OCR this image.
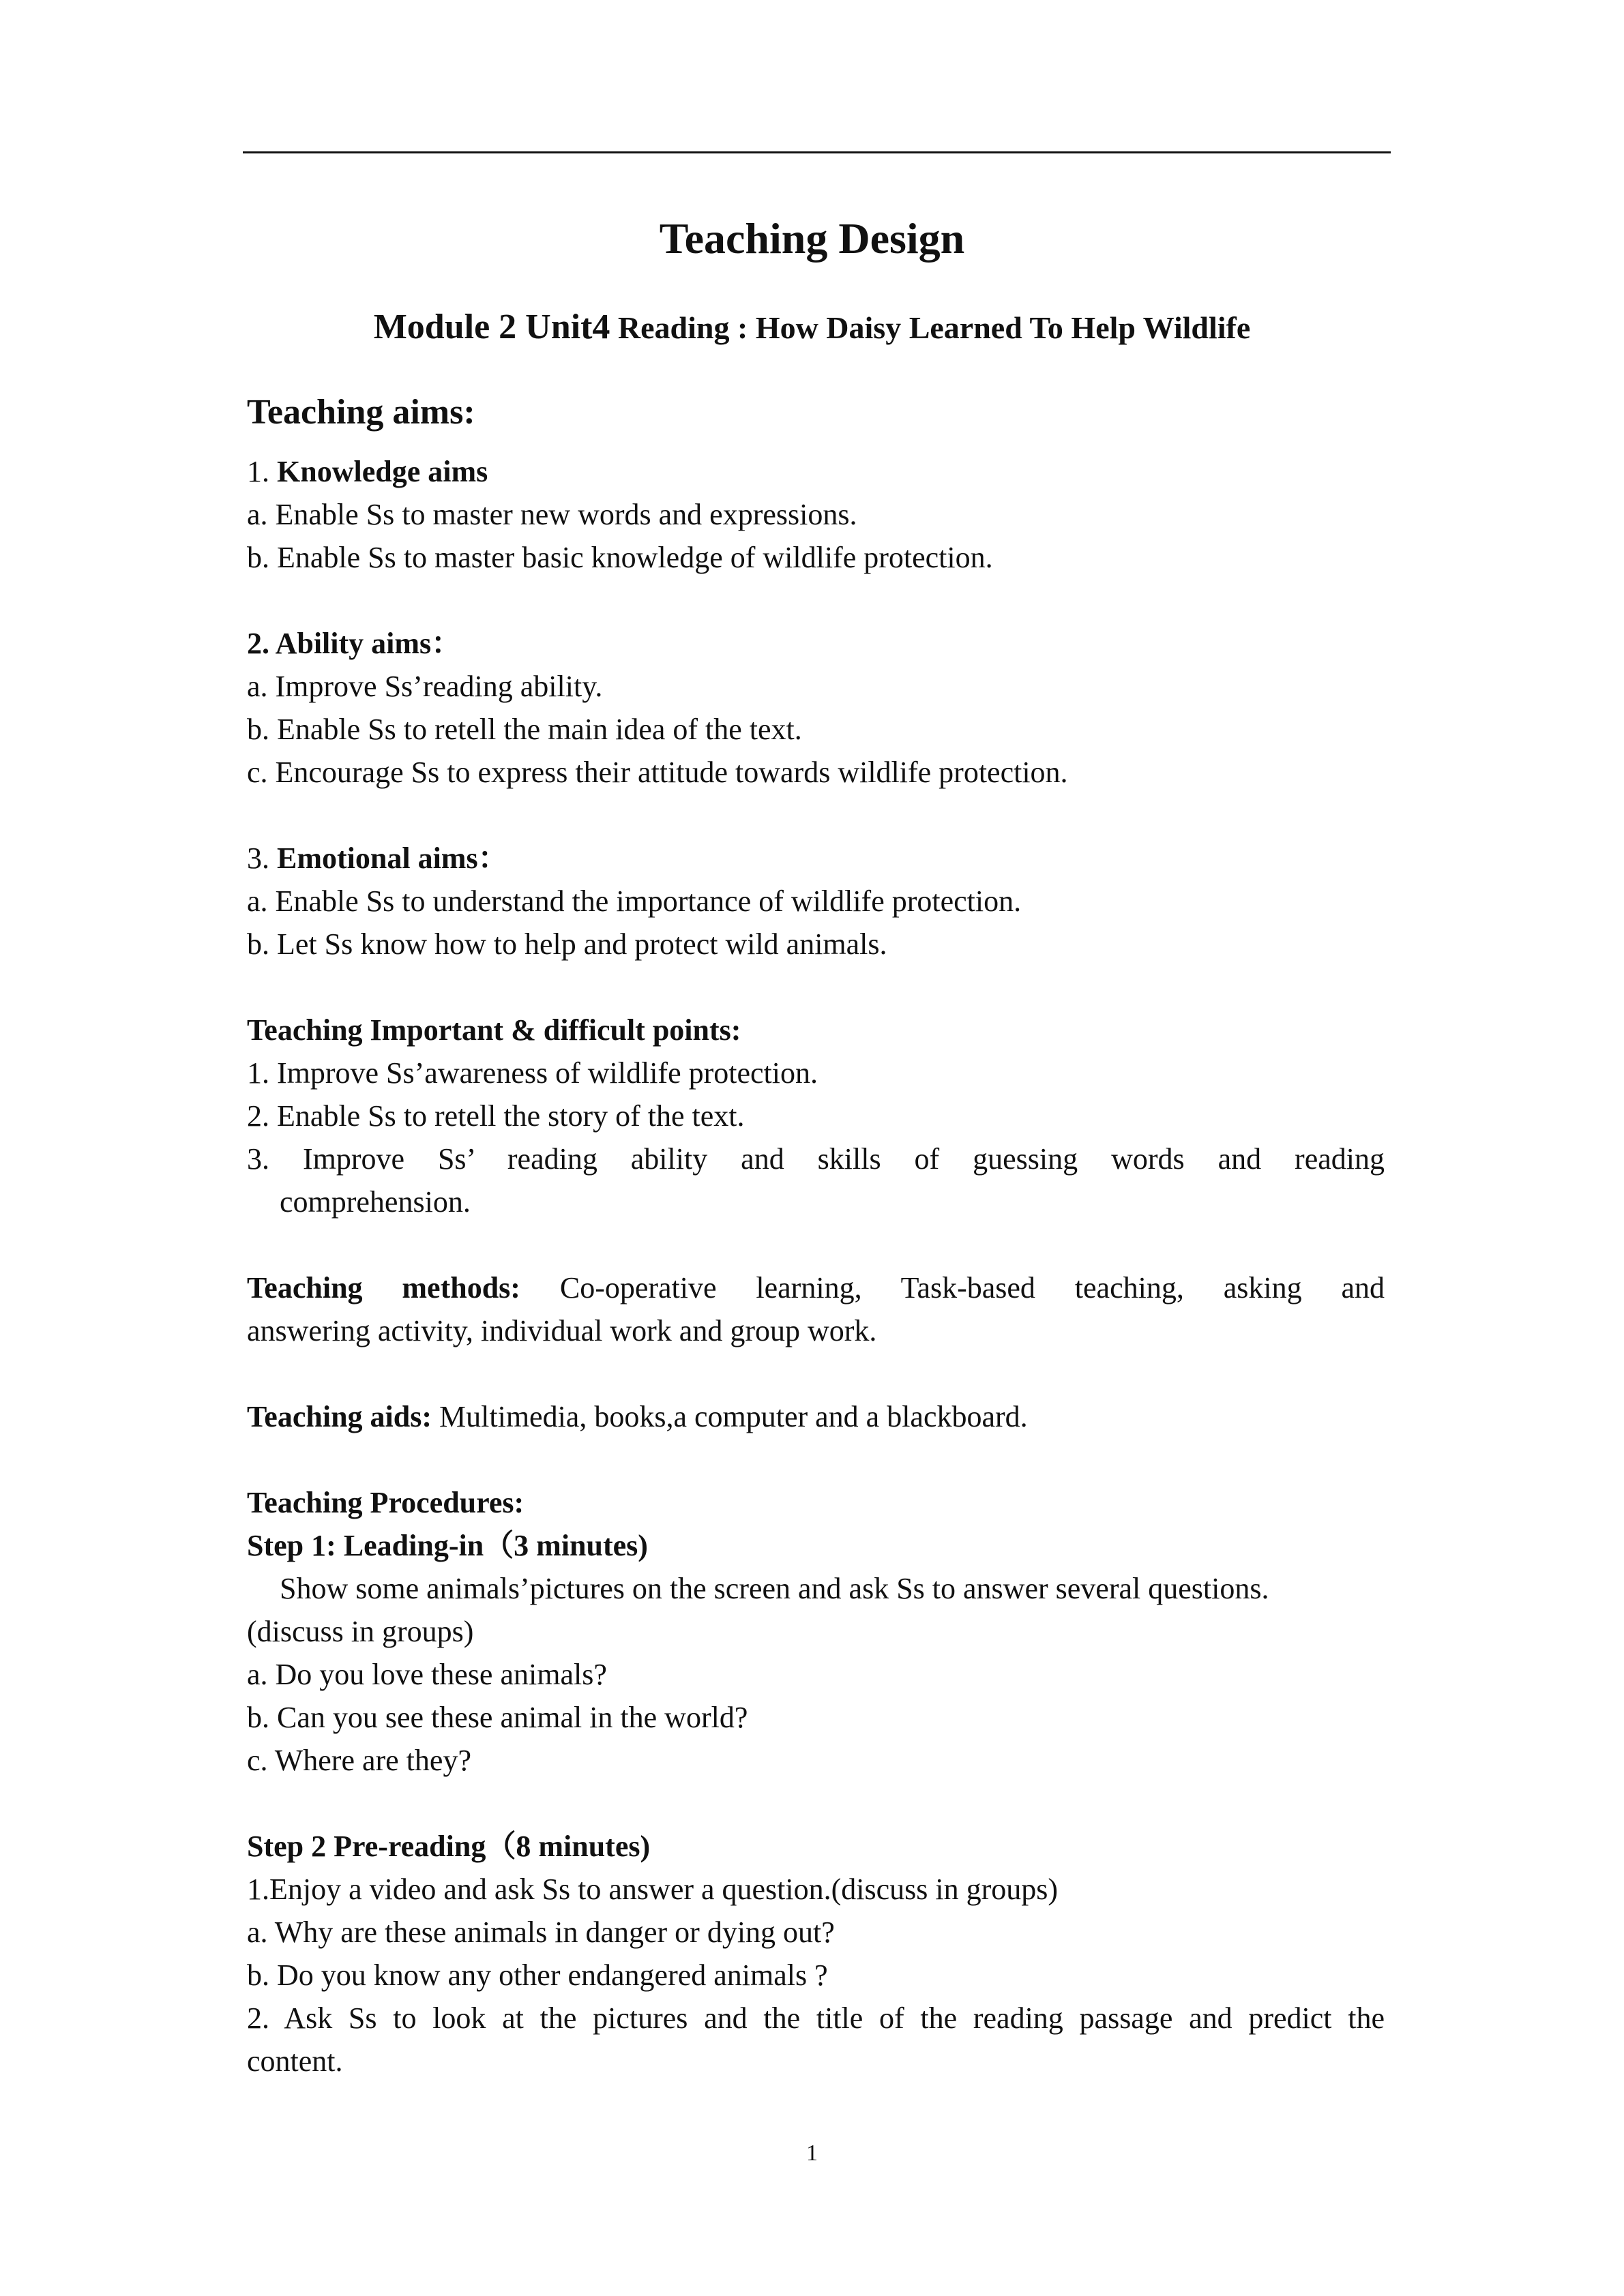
Teaching Design
Module 2 Unit4 Reading : How Daisy Learned To Help Wildlife
Teaching aims:
1. Knowledge aims
a. Enable Ss to master new words and expressions.
b. Enable Ss to master basic knowledge of wildlife protection.
2. Ability aims：
a. Improve Ss’reading ability.
b. Enable Ss to retell the main idea of the text.
c. Encourage Ss to express their attitude towards wildlife protection.
3. Emotional aims：
a. Enable Ss to understand the importance of wildlife protection.
b. Let Ss know how to help and protect wild animals.
Teaching Important & difficult points:
1. Improve Ss’awareness of wildlife protection.
2. Enable Ss to retell the story of the text.
3. Improve Ss’ reading ability and skills of guessing words and reading
comprehension.
Teaching methods: Co-operative learning, Task-based teaching, asking and
answering activity, individual work and group work.
Teaching aids: Multimedia, books,a computer and a blackboard.
Teaching Procedures:
Step 1: Leading-in（3 minutes)
Show some animals’pictures on the screen and ask Ss to answer several questions.
(discuss in groups)
a. Do you love these animals?
b. Can you see these animal in the world?
c. Where are they?
Step 2 Pre-reading（8 minutes)
1.Enjoy a video and ask Ss to answer a question.(discuss in groups)
a. Why are these animals in danger or dying out?
b. Do you know any other endangered animals ?
2. Ask Ss to look at the pictures and the title of the reading passage and predict the
content.
1
